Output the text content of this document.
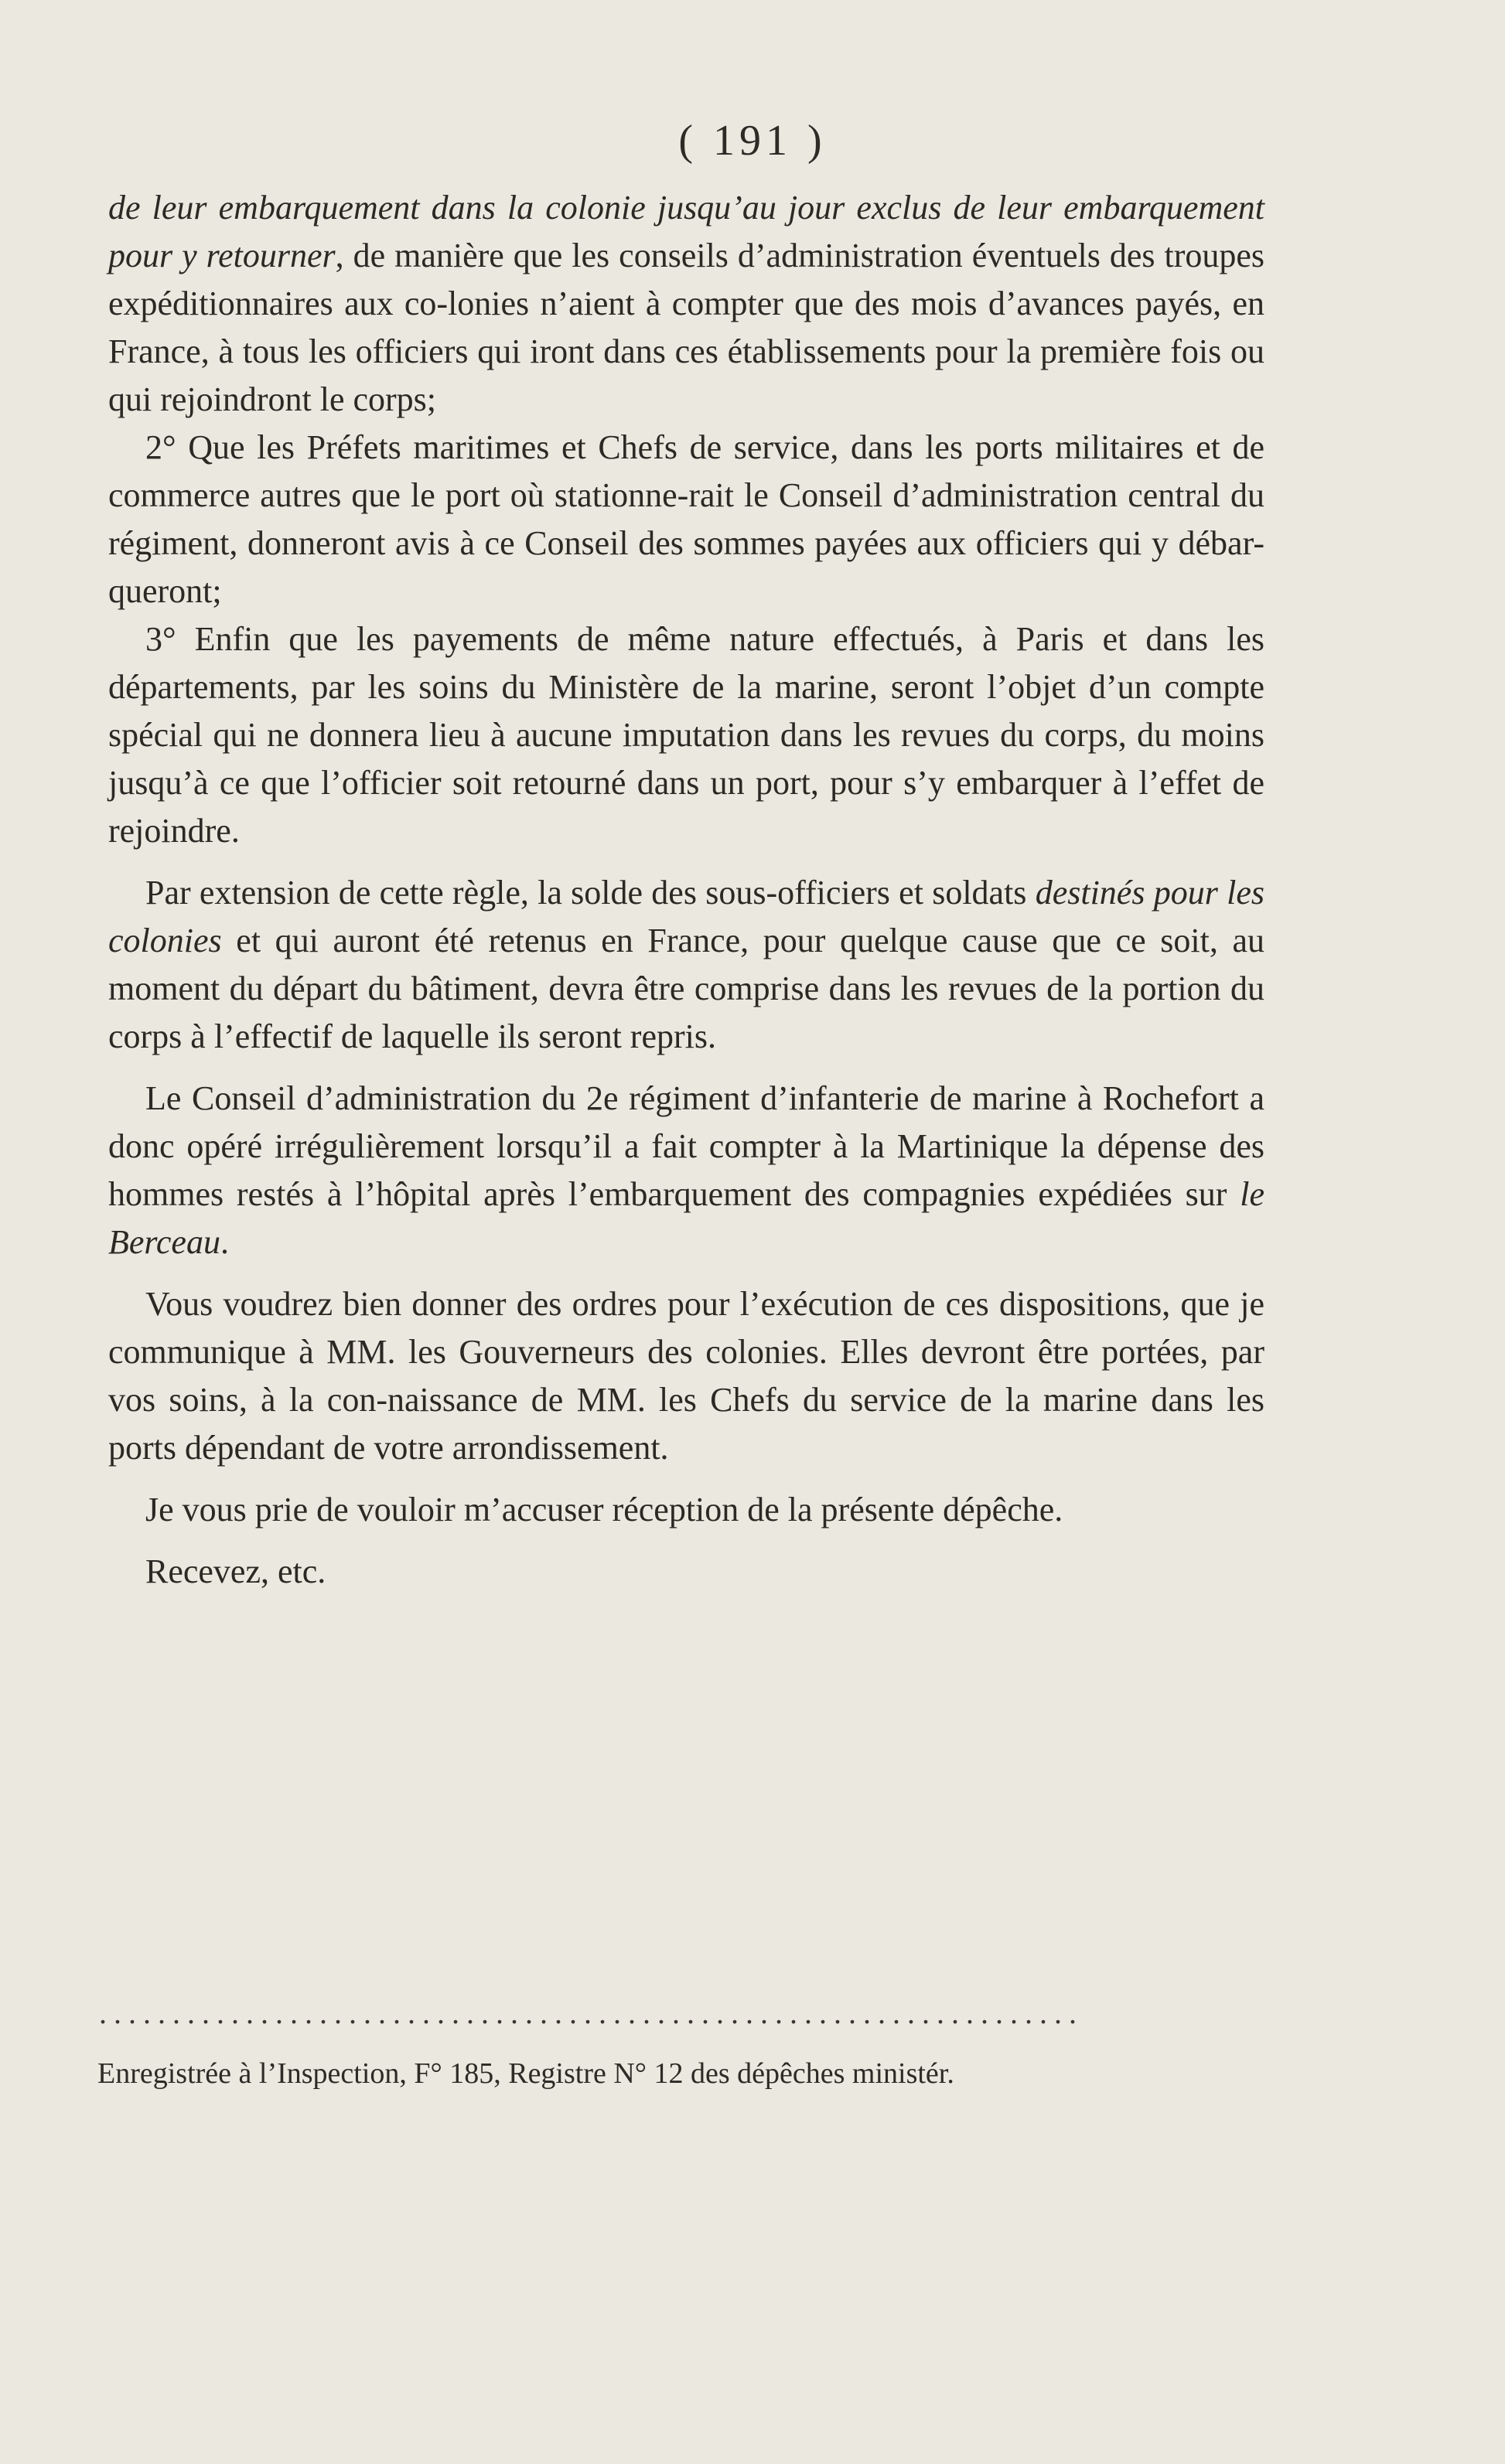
( 191 )

de leur embarquement dans la colonie jusqu’au jour exclus de leur embarquement pour y retourner, de manière que les conseils d’administration éventuels des troupes expéditionnaires aux co-lonies n’aient à compter que des mois d’avances payés, en France, à tous les officiers qui iront dans ces établissements pour la première fois ou qui rejoindront le corps;

2° Que les Préfets maritimes et Chefs de service, dans les ports militaires et de commerce autres que le port où stationne-rait le Conseil d’administration central du régiment, donneront avis à ce Conseil des sommes payées aux officiers qui y débar-queront;

3° Enfin que les payements de même nature effectués, à Paris et dans les départements, par les soins du Ministère de la marine, seront l’objet d’un compte spécial qui ne donnera lieu à aucune imputation dans les revues du corps, du moins jusqu’à ce que l’officier soit retourné dans un port, pour s’y embarquer à l’effet de rejoindre.

Par extension de cette règle, la solde des sous-officiers et soldats destinés pour les colonies et qui auront été retenus en France, pour quelque cause que ce soit, au moment du départ du bâtiment, devra être comprise dans les revues de la portion du corps à l’effectif de laquelle ils seront repris.

Le Conseil d’administration du 2e régiment d’infanterie de marine à Rochefort a donc opéré irrégulièrement lorsqu’il a fait compter à la Martinique la dépense des hommes restés à l’hôpital après l’embarquement des compagnies expédiées sur le Berceau.

Vous voudrez bien donner des ordres pour l’exécution de ces dispositions, que je communique à MM. les Gouverneurs des colonies. Elles devront être portées, par vos soins, à la con-naissance de MM. les Chefs du service de la marine dans les ports dépendant de votre arrondissement.

Je vous prie de vouloir m’accuser réception de la présente dépêche.

Recevez, etc.

...................................................................
Enregistrée à l’Inspection, F° 185, Registre N° 12 des dépêches ministér.
